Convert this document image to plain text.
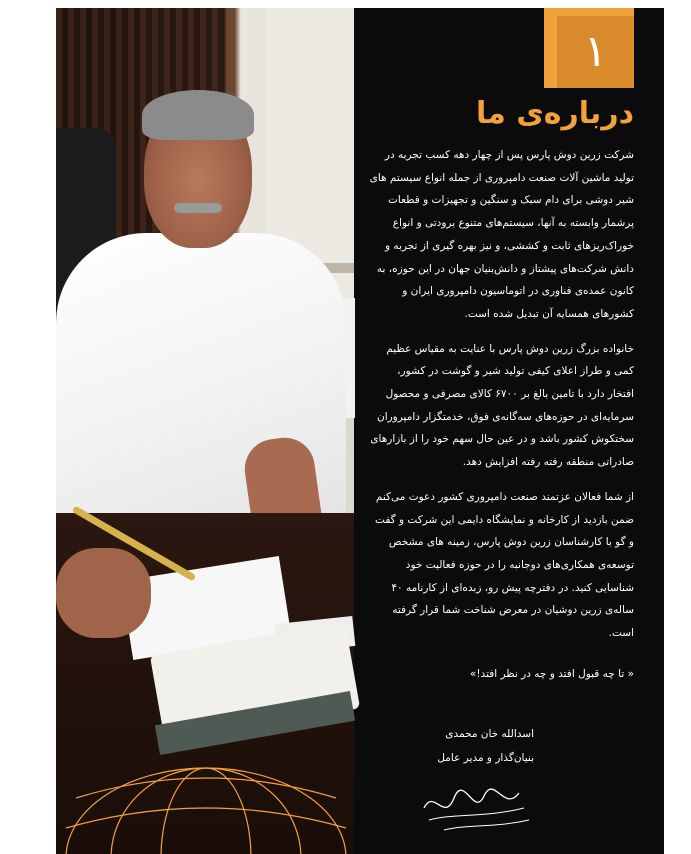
۱
درباره‌ی ما

شرکت زرین دوش پارس پس از چهار دهه کسب تجربه در تولید ماشین آلات صنعت دامپروری از جمله انواع سیستم های شیر دوشی برای دام سبک و سنگین و تجهیزات و قطعات پرشمار وابسته به آنها، سیستم‌های متنوع برودتی و انواع خوراک‌ریزهای ثابت و کششی، و نیز بهره گیری از تجربه و دانش شرکت‌های پیشتاز و دانش‌بنیان جهان در این حوزه، به کانون عمده‌ی فناوری در اتوماسیون دامپروری ایران و کشورهای همسایه آن تبدیل شده است.

خانواده بزرگ زرین دوش پارس با عنایت به مقیاس عظیم کمی و طراز اعلای کیفی تولید شیر و گوشت در کشور، افتخار دارد با تامین بالغ بر ۶۷۰۰ کالای مصرفی و محصول سرمایه‌ای در حوزه‌های سه‌گانه‌ی فوق، خدمتگزار دامپروران سختکوش کشور باشد و در عین حال سهم خود را از بازارهای صادراتی منطقه رفته رفته افزایش دهد.

از شما فعالان عزتمند صنعت دامپروری کشور دعوت می‌کنم ضمن بازدید از کارخانه و نمایشگاه دایمی این شرکت و گفت و گو با کارشناسان زرین دوش پارس، زمینه های مشخص توسعه‌ی همکاری‌های دوجانبه را در حوزه فعالیت خود شناسایی کنید. در دفترچه پیش رو، زبده‌ای از کارنامه ۴۰ ساله‌ی زرین دوشیان در معرض شناخت شما قرار گرفته است.

« تا چه قبول افتد و چه در نظر افتد!»
اسدالله خان محمدی
بنیان‌گذار و مدیر عامل
